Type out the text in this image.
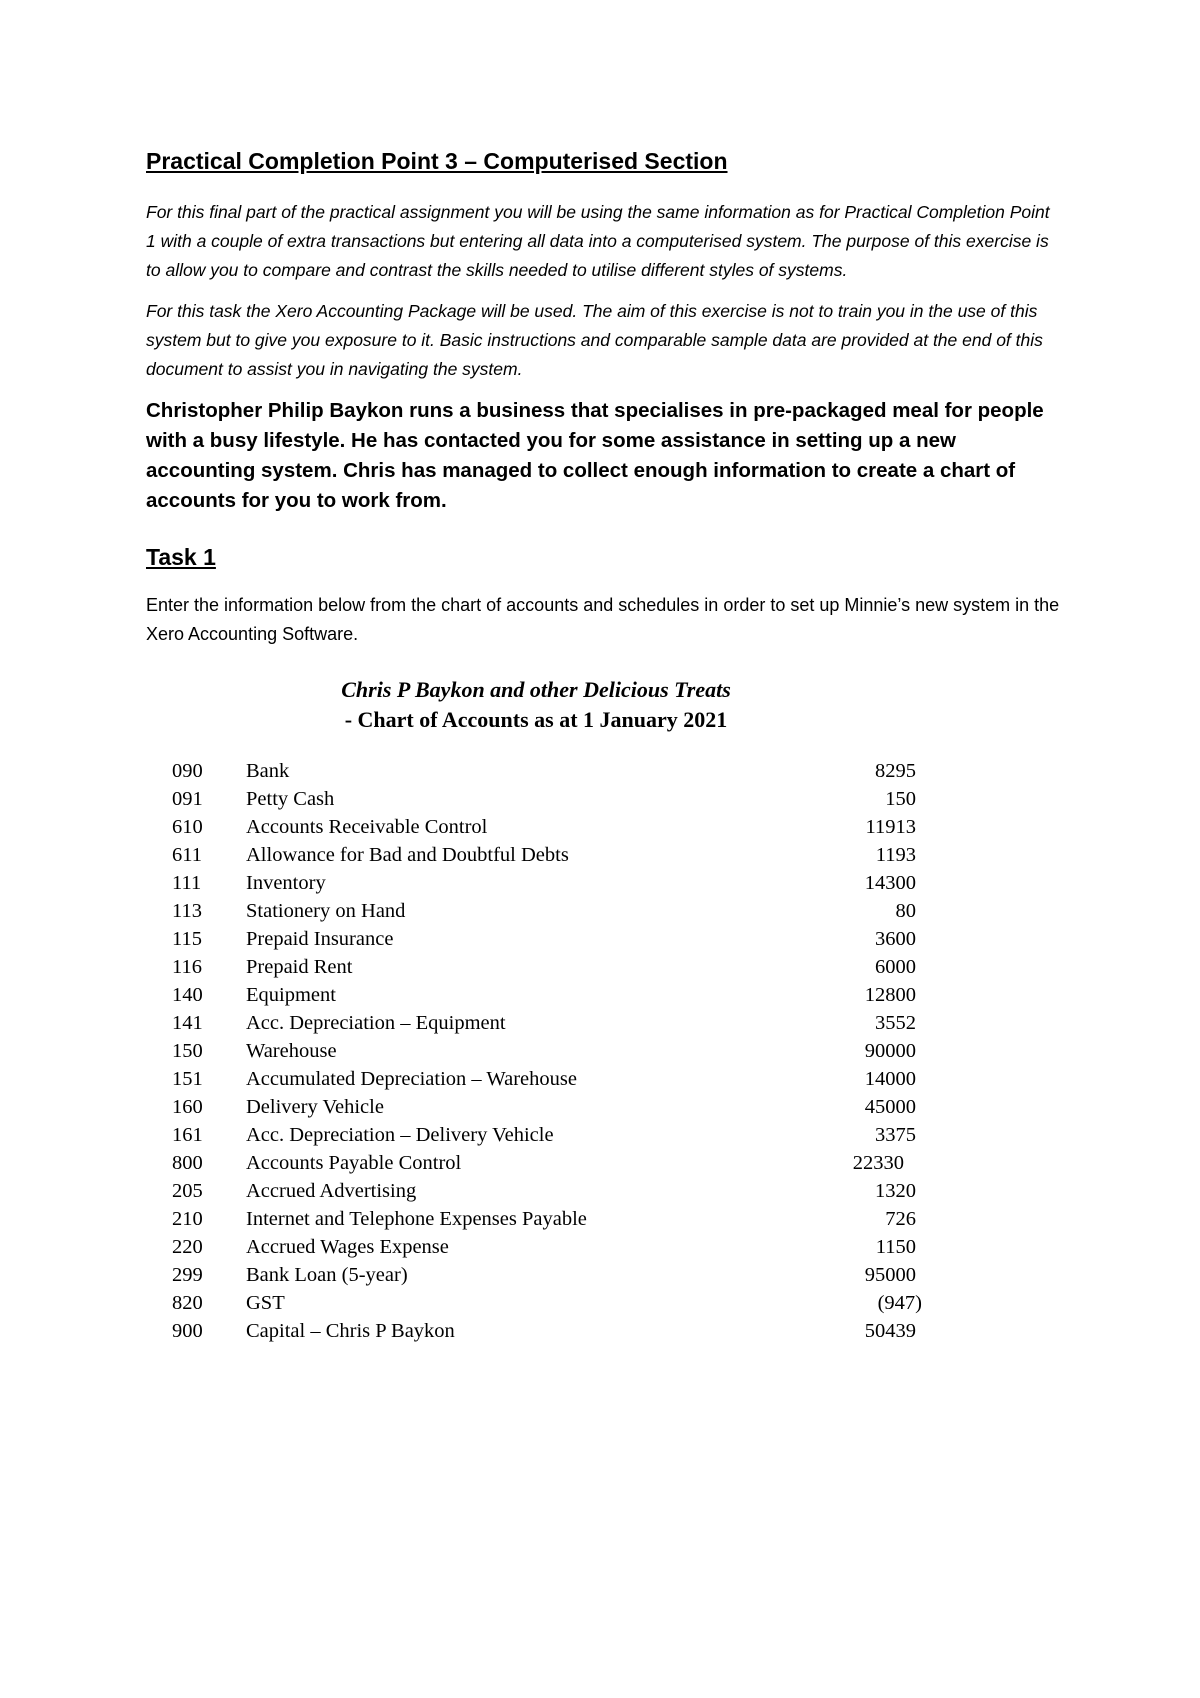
Practical Completion Point 3 – Computerised Section

For this final part of the practical assignment you will be using the same information as for Practical Completion Point 1 with a couple of extra transactions but entering all data into a computerised system. The purpose of this exercise is to allow you to compare and contrast the skills needed to utilise different styles of systems.

For this task the Xero Accounting Package will be used. The aim of this exercise is not to train you in the use of this system but to give you exposure to it. Basic instructions and comparable sample data are provided at the end of this document to assist you in navigating the system.

Christopher Philip Baykon runs a business that specialises in pre-packaged meal for people with a busy lifestyle. He has contacted you for some assistance in setting up a new accounting system. Chris has managed to collect enough information to create a chart of accounts for you to work from.

Task 1

Enter the information below from the chart of accounts and schedules in order to set up Minnie’s new system in the Xero Accounting Software.

Chris P Baykon and other Delicious Treats
- Chart of Accounts as at 1 January 2021
090	Bank	8295
091	Petty Cash	150
610	Accounts Receivable Control	11913
611	Allowance for Bad and Doubtful Debts	1193
111	Inventory	14300
113	Stationery on Hand	80
115	Prepaid Insurance	3600
116	Prepaid Rent	6000
140	Equipment	12800
141	Acc. Depreciation – Equipment	3552
150	Warehouse	90000
151	Accumulated Depreciation – Warehouse	14000
160	Delivery Vehicle	45000
161	Acc. Depreciation – Delivery Vehicle	3375
800	Accounts Payable Control	22330
205	Accrued Advertising	1320
210	Internet and Telephone Expenses Payable	726
220	Accrued Wages Expense	1150
299	Bank Loan (5-year)	95000
820	GST	(947)
900	Capital – Chris P Baykon	50439
